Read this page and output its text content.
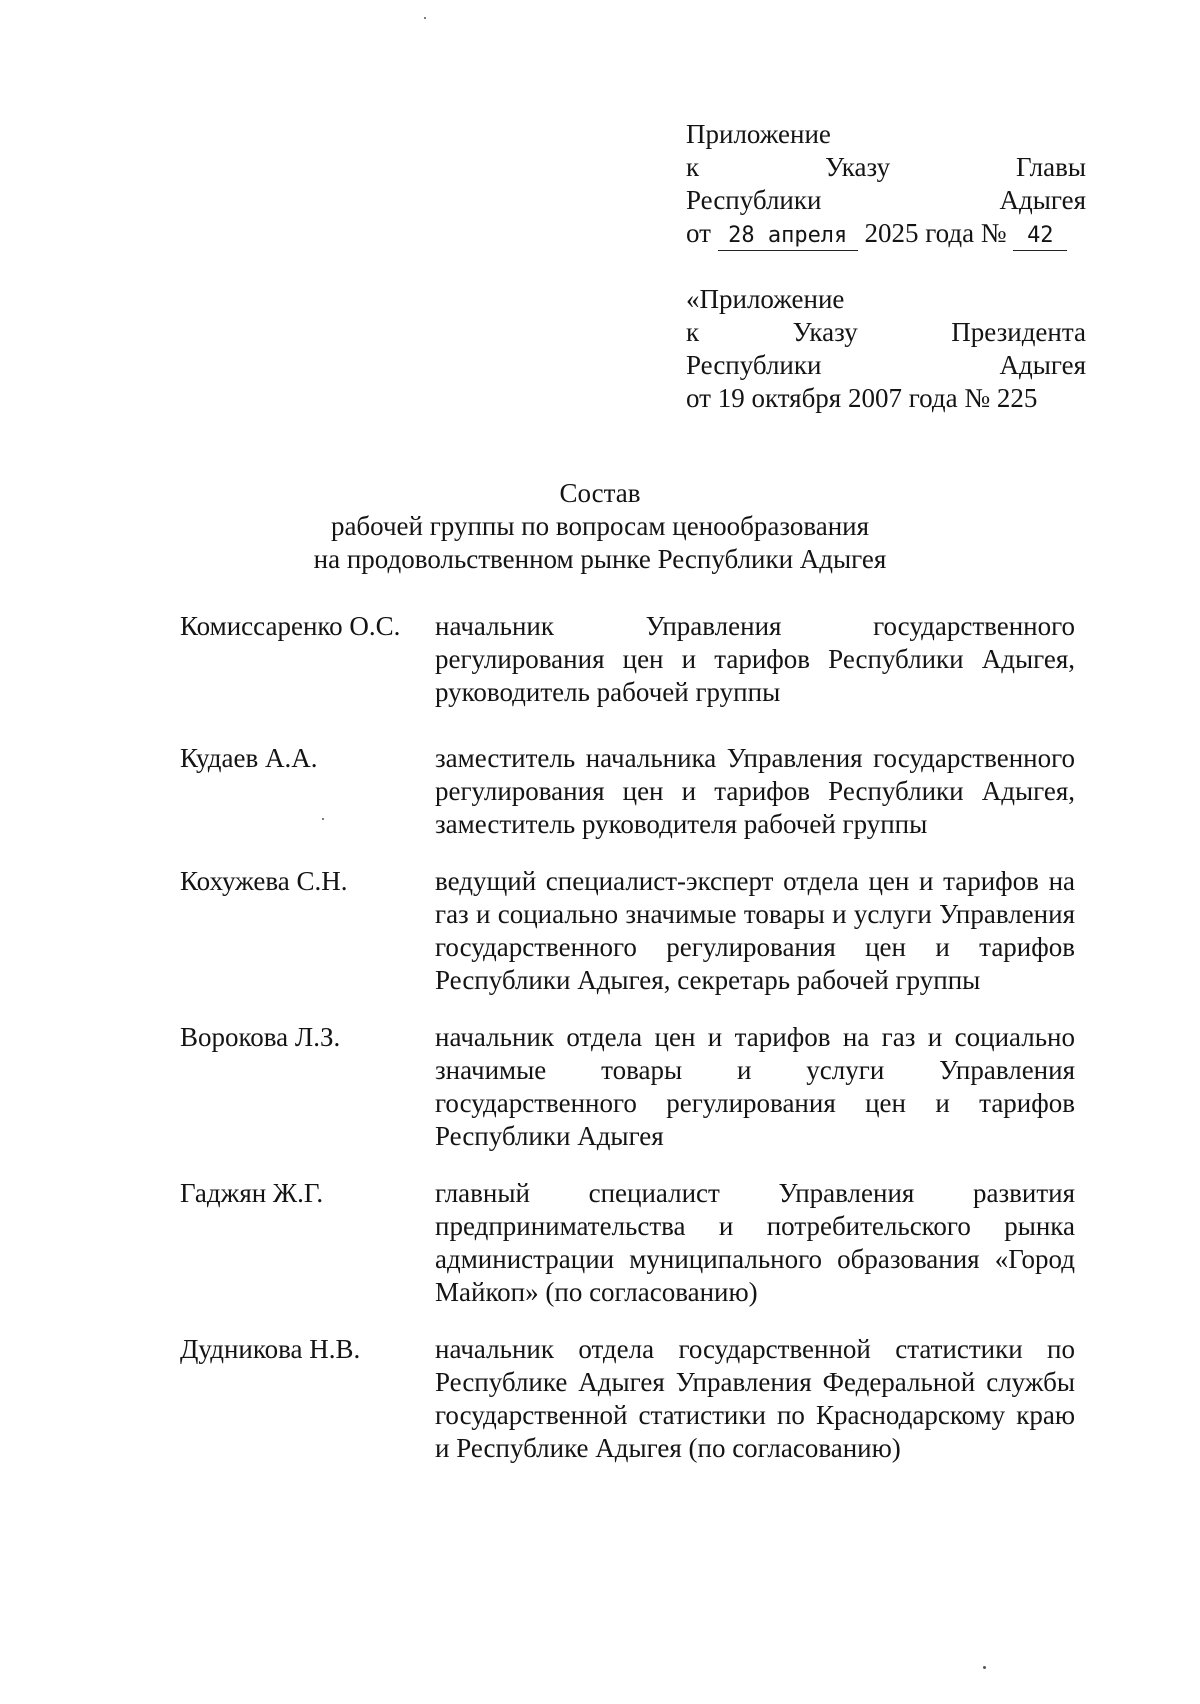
Приложение
к	Указу	Главы
Республики	Адыгея
от 28 апреля 2025 года № 42
«Приложение
к	Указу	Президента
Республики	Адыгея
от 19 октября 2007 года № 225
Состав
рабочей группы по вопросам ценообразования
на продовольственном рынке Республики Адыгея
Комиссаренко О.С.	начальник Управления государственного регулирования цен и тарифов Республики Адыгея, руководитель рабочей группы
Кудаев А.А.	заместитель начальника Управления государственного регулирования цен и тарифов Республики Адыгея, заместитель руководителя рабочей группы
Кохужева С.Н.	ведущий специалист-эксперт отдела цен и тарифов на газ и социально значимые товары и услуги Управления государственного регулирования цен и тарифов Республики Адыгея, секретарь рабочей группы
Ворокова Л.З.	начальник отдела цен и тарифов на газ и социально значимые товары и услуги Управления государственного регулирования цен и тарифов Республики Адыгея
Гаджян Ж.Г.	главный специалист Управления развития предпринимательства и потребительского рынка администрации муниципального образования «Город Майкоп» (по согласованию)
Дудникова Н.В.	начальник отдела государственной статистики по Республике Адыгея Управления Федеральной службы государственной статистики по Краснодарскому краю и Республике Адыгея (по согласованию)
